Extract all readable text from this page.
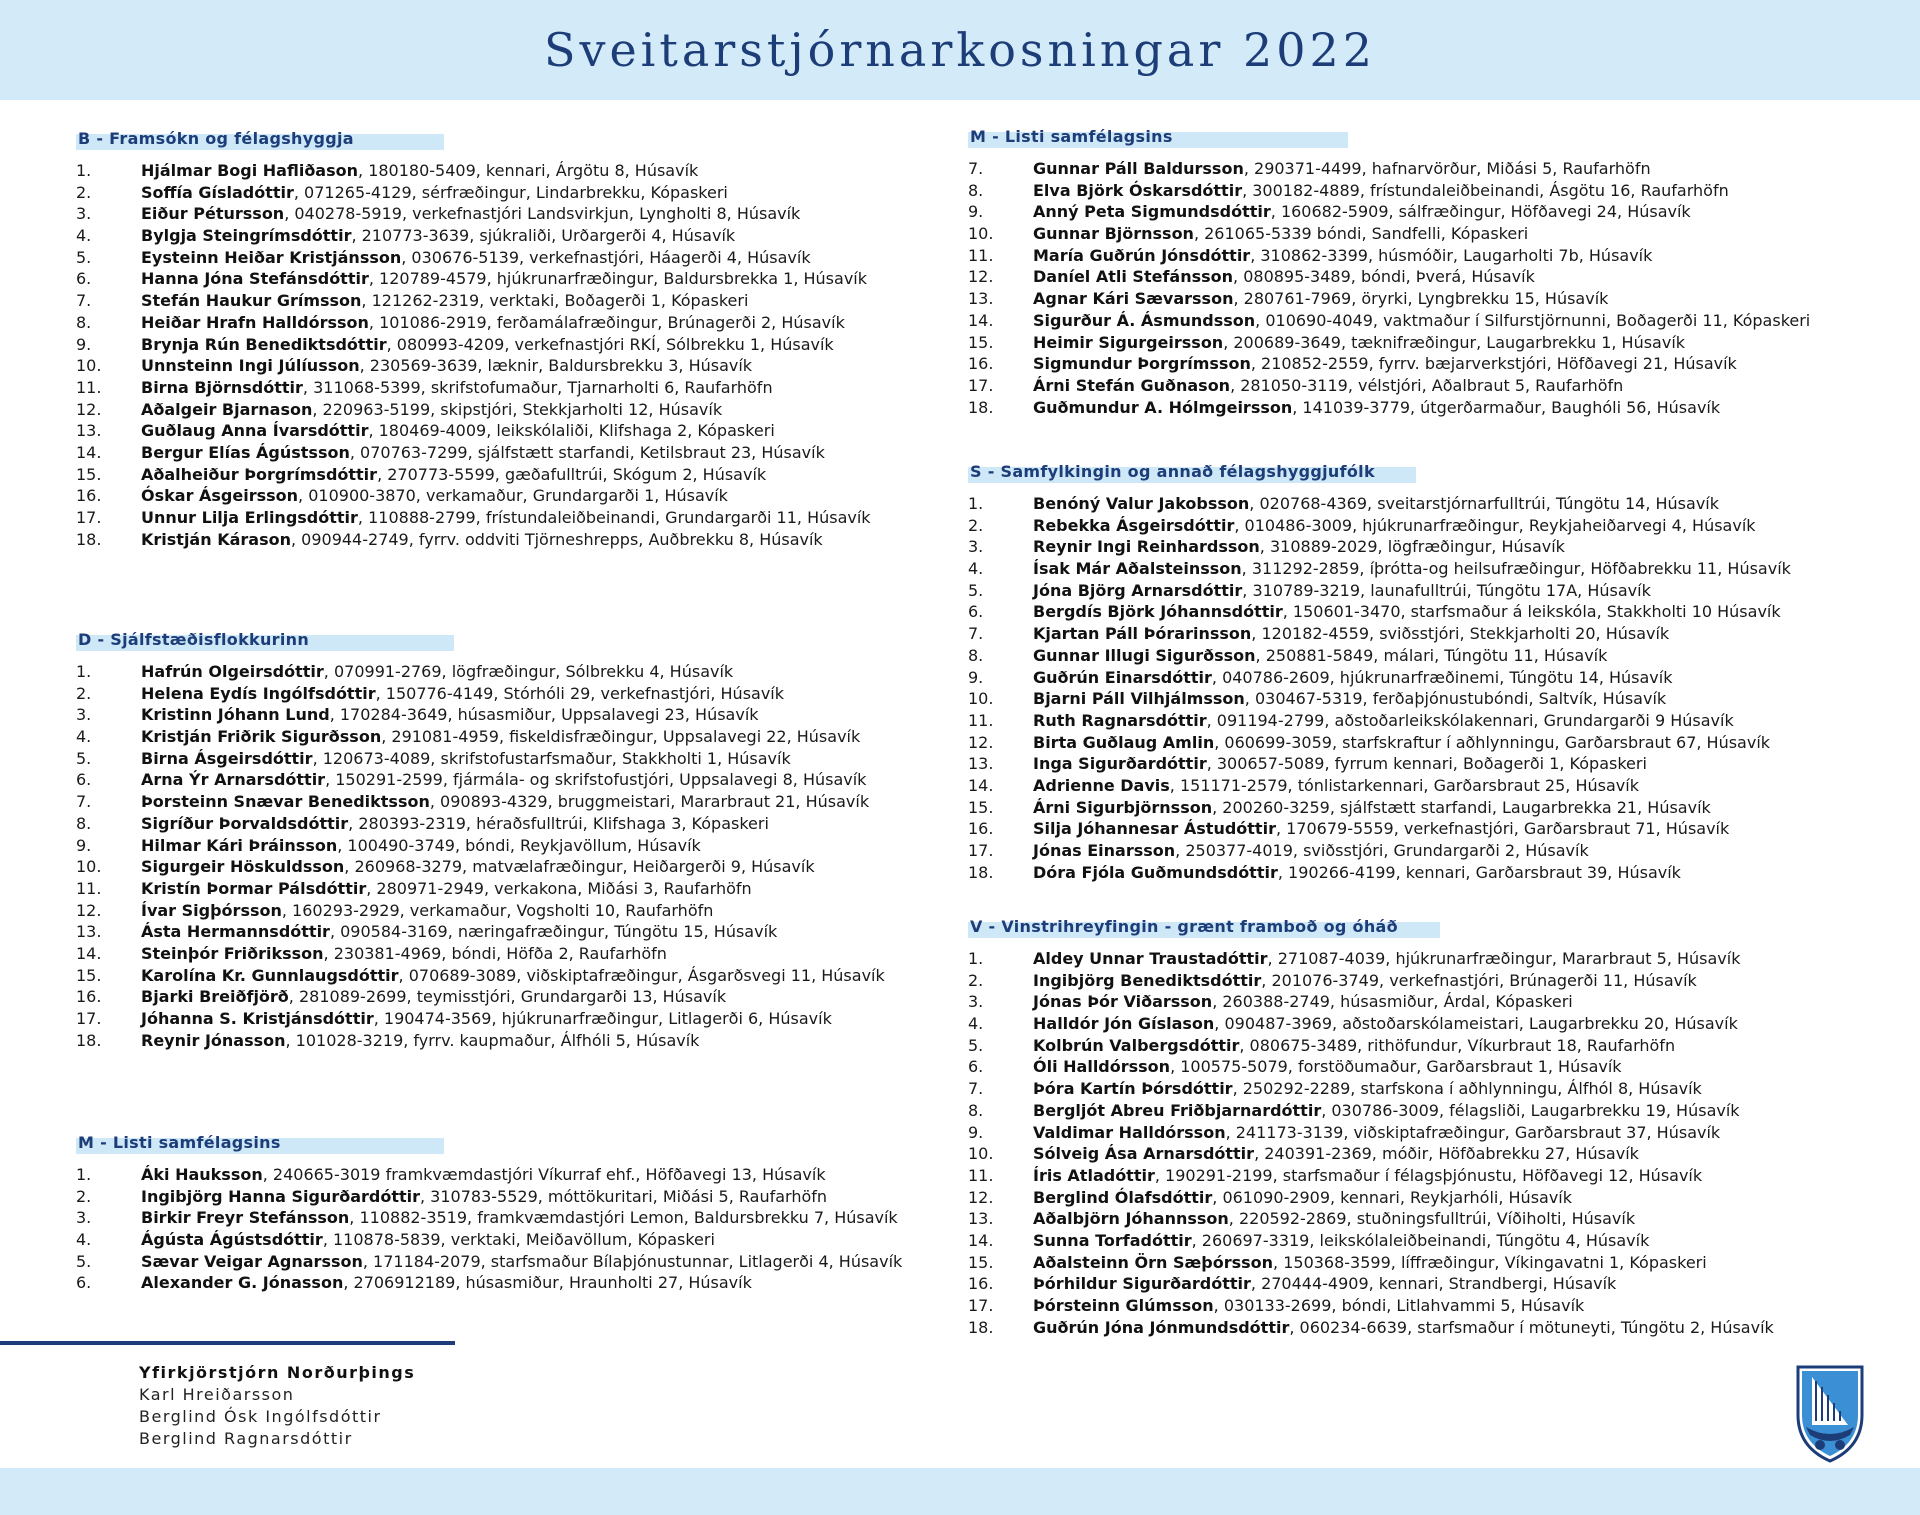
Sveitarstjórnarkosningar 2022
B - Framsókn og félagshyggja
1.	Hjálmar Bogi Hafliðason , 180180-5409, kennari, Árgötu 8, Húsavík
2.	Soffía Gísladóttir , 071265-4129, sérfræðingur, Lindarbrekku, Kópaskeri
3.	Eiður Pétursson , 040278-5919, verkefnastjóri Landsvirkjun, Lyngholti 8, Húsavík
4.	Bylgja Steingrímsdóttir , 210773-3639, sjúkraliði, Urðargerði 4, Húsavík
5.	Eysteinn Heiðar Kristjánsson , 030676-5139, verkefnastjóri, Háagerði 4, Húsavík
6.	Hanna Jóna Stefánsdóttir , 120789-4579, hjúkrunarfræðingur, Baldursbrekka 1, Húsavík
7.	Stefán Haukur Grímsson , 121262-2319, verktaki, Boðagerði 1, Kópaskeri
8.	Heiðar Hrafn Halldórsson , 101086-2919, ferðamálafræðingur, Brúnagerði 2, Húsavík
9.	Brynja Rún Benediktsdóttir , 080993-4209, verkefnastjóri RKÍ, Sólbrekku 1, Húsavík
10.	Unnsteinn Ingi Júlíusson , 230569-3639, læknir, Baldursbrekku 3, Húsavík
11.	Birna Björnsdóttir , 311068-5399, skrifstofumaður, Tjarnarholti 6, Raufarhöfn
12.	Aðalgeir Bjarnason , 220963-5199, skipstjóri, Stekkjarholti 12, Húsavík
13.	Guðlaug Anna Ívarsdóttir , 180469-4009, leikskólaliði, Klifshaga 2, Kópaskeri
14.	Bergur Elías Ágústsson , 070763-7299, sjálfstætt starfandi, Ketilsbraut 23, Húsavík
15.	Aðalheiður Þorgrímsdóttir , 270773-5599, gæðafulltrúi, Skógum 2, Húsavík
16.	Óskar Ásgeirsson , 010900-3870, verkamaður, Grundargarði 1, Húsavík
17.	Unnur Lilja Erlingsdóttir , 110888-2799, frístundaleiðbeinandi, Grundargarði 11, Húsavík
18.	Kristján Kárason , 090944-2749, fyrrv. oddviti Tjörneshrepps, Auðbrekku 8, Húsavík
D - Sjálfstæðisflokkurinn
1.	Hafrún Olgeirsdóttir , 070991-2769, lögfræðingur, Sólbrekku 4, Húsavík
2.	Helena Eydís Ingólfsdóttir , 150776-4149, Stórhóli 29, verkefnastjóri, Húsavík
3.	Kristinn Jóhann Lund , 170284-3649, húsasmiður, Uppsalavegi 23, Húsavík
4.	Kristján Friðrik Sigurðsson , 291081-4959, fiskeldisfræðingur, Uppsalavegi 22, Húsavík
5.	Birna Ásgeirsdóttir , 120673-4089, skrifstofustarfsmaður, Stakkholti 1, Húsavík
6.	Arna Ýr Arnarsdóttir , 150291-2599, fjármála- og skrifstofustjóri, Uppsalavegi 8, Húsavík
7.	Þorsteinn Snævar Benediktsson , 090893-4329, bruggmeistari, Mararbraut 21, Húsavík
8.	Sigríður Þorvaldsdóttir , 280393-2319, héraðsfulltrúi, Klifshaga 3, Kópaskeri
9.	Hilmar Kári Þráinsson , 100490-3749, bóndi, Reykjavöllum, Húsavík
10.	Sigurgeir Höskuldsson , 260968-3279, matvælafræðingur, Heiðargerði 9, Húsavík
11.	Kristín Þormar Pálsdóttir , 280971-2949, verkakona, Miðási 3, Raufarhöfn
12.	Ívar Sigþórsson , 160293-2929, verkamaður, Vogsholti 10, Raufarhöfn
13.	Ásta Hermannsdóttir , 090584-3169, næringafræðingur, Túngötu 15, Húsavík
14.	Steinþór Friðriksson , 230381-4969, bóndi, Höfða 2, Raufarhöfn
15.	Karolína Kr. Gunnlaugsdóttir , 070689-3089, viðskiptafræðingur, Ásgarðsvegi 11, Húsavík
16.	Bjarki Breiðfjörð , 281089-2699, teymisstjóri, Grundargarði 13, Húsavík
17.	Jóhanna S. Kristjánsdóttir , 190474-3569, hjúkrunarfræðingur, Litlagerði 6, Húsavík
18.	Reynir Jónasson , 101028-3219, fyrrv. kaupmaður, Álfhóli 5, Húsavík
M - Listi samfélagsins
1.	Áki Hauksson , 240665-3019 framkvæmdastjóri Víkurraf ehf., Höfðavegi 13, Húsavík
2.	Ingibjörg Hanna Sigurðardóttir , 310783-5529, móttökuritari, Miðási 5, Raufarhöfn
3.	Birkir Freyr Stefánsson , 110882-3519, framkvæmdastjóri Lemon, Baldursbrekku 7, Húsavík
4.	Ágústa Ágústsdóttir , 110878-5839, verktaki, Meiðavöllum, Kópaskeri
5.	Sævar Veigar Agnarsson , 171184-2079, starfsmaður Bílaþjónustunnar, Litlagerði 4, Húsavík
6.	Alexander G. Jónasson , 2706912189, húsasmiður, Hraunholti 27, Húsavík
M - Listi samfélagsins
7.	Gunnar Páll Baldursson , 290371-4499, hafnarvörður, Miðási 5, Raufarhöfn
8.	Elva Björk Óskarsdóttir , 300182-4889, frístundaleiðbeinandi, Ásgötu 16, Raufarhöfn
9.	Anný Peta Sigmundsdóttir , 160682-5909, sálfræðingur, Höfðavegi 24, Húsavík
10.	Gunnar Björnsson , 261065-5339 bóndi, Sandfelli, Kópaskeri
11.	María Guðrún Jónsdóttir , 310862-3399, húsmóðir, Laugarholti 7b, Húsavík
12.	Daníel Atli Stefánsson , 080895-3489, bóndi, Þverá, Húsavík
13.	Agnar Kári Sævarsson , 280761-7969, öryrki, Lyngbrekku 15, Húsavík
14.	Sigurður Á. Ásmundsson , 010690-4049, vaktmaður í Silfurstjörnunni, Boðagerði 11, Kópaskeri
15.	Heimir Sigurgeirsson , 200689-3649, tæknifræðingur, Laugarbrekku 1, Húsavík
16.	Sigmundur Þorgrímsson , 210852-2559, fyrrv. bæjarverkstjóri, Höfðavegi 21, Húsavík
17.	Árni Stefán Guðnason , 281050-3119, vélstjóri, Aðalbraut 5, Raufarhöfn
18.	Guðmundur A. Hólmgeirsson , 141039-3779, útgerðarmaður, Baughóli 56, Húsavík
S - Samfylkingin og annað félagshyggjufólk
1.	Benóný Valur Jakobsson , 020768-4369, sveitarstjórnarfulltrúi, Túngötu 14, Húsavík
2.	Rebekka Ásgeirsdóttir , 010486-3009, hjúkrunarfræðingur, Reykjaheiðarvegi 4, Húsavík
3.	Reynir Ingi Reinhardsson , 310889-2029, lögfræðingur, Húsavík
4.	Ísak Már Aðalsteinsson , 311292-2859, íþrótta-og heilsufræðingur, Höfðabrekku 11, Húsavík
5.	Jóna Björg Arnarsdóttir , 310789-3219, launafulltrúi, Túngötu 17A, Húsavík
6.	Bergdís Björk Jóhannsdóttir , 150601-3470, starfsmaður á leikskóla, Stakkholti 10 Húsavík
7.	Kjartan Páll Þórarinsson , 120182-4559, sviðsstjóri, Stekkjarholti 20, Húsavík
8.	Gunnar Illugi Sigurðsson , 250881-5849, málari, Túngötu 11, Húsavík
9.	Guðrún Einarsdóttir , 040786-2609, hjúkrunarfræðinemi, Túngötu 14, Húsavík
10.	Bjarni Páll Vilhjálmsson , 030467-5319, ferðaþjónustubóndi, Saltvík, Húsavík
11.	Ruth Ragnarsdóttir , 091194-2799, aðstoðarleikskólakennari, Grundargarði 9 Húsavík
12.	Birta Guðlaug Amlin , 060699-3059, starfskraftur í aðhlynningu, Garðarsbraut 67, Húsavík
13.	Inga Sigurðardóttir , 300657-5089, fyrrum kennari, Boðagerði 1, Kópaskeri
14.	Adrienne Davis , 151171-2579, tónlistarkennari, Garðarsbraut 25, Húsavík
15.	Árni Sigurbjörnsson , 200260-3259, sjálfstætt starfandi, Laugarbrekka 21, Húsavík
16.	Silja Jóhannesar Ástudóttir , 170679-5559, verkefnastjóri, Garðarsbraut 71, Húsavík
17.	Jónas Einarsson , 250377-4019, sviðsstjóri, Grundargarði 2, Húsavík
18.	Dóra Fjóla Guðmundsdóttir , 190266-4199, kennari, Garðarsbraut 39, Húsavík
V - Vinstrihreyfingin - grænt framboð og óháð
1.	Aldey Unnar Traustadóttir , 271087-4039, hjúkrunarfræðingur, Mararbraut 5, Húsavík
2.	Ingibjörg Benediktsdóttir , 201076-3749, verkefnastjóri, Brúnagerði 11, Húsavík
3.	Jónas Þór Viðarsson , 260388-2749, húsasmiður, Árdal, Kópaskeri
4.	Halldór Jón Gíslason , 090487-3969, aðstoðarskólameistari, Laugarbrekku 20, Húsavík
5.	Kolbrún Valbergsdóttir , 080675-3489, rithöfundur, Víkurbraut 18, Raufarhöfn
6.	Óli Halldórsson , 100575-5079, forstöðumaður, Garðarsbraut 1, Húsavík
7.	Þóra Kartín Þórsdóttir , 250292-2289, starfskona í aðhlynningu, Álfhól 8, Húsavík
8.	Bergljót Abreu Friðbjarnardóttir , 030786-3009, félagsliði, Laugarbrekku 19, Húsavík
9.	Valdimar Halldórsson , 241173-3139, viðskiptafræðingur, Garðarsbraut 37, Húsavík
10.	Sólveig Ása Arnarsdóttir , 240391-2369, móðir, Höfðabrekku 27, Húsavík
11.	Íris Atladóttir , 190291-2199, starfsmaður í félagsþjónustu, Höfðavegi 12, Húsavík
12.	Berglind Ólafsdóttir , 061090-2909, kennari, Reykjarhóli, Húsavík
13.	Aðalbjörn Jóhannsson , 220592-2869, stuðningsfulltrúi, Víðiholti, Húsavík
14.	Sunna Torfadóttir , 260697-3319, leikskólaleiðbeinandi, Túngötu 4, Húsavík
15.	Aðalsteinn Örn Sæþórsson , 150368-3599, líffræðingur, Víkingavatni 1, Kópaskeri
16.	Þórhildur Sigurðardóttir , 270444-4909, kennari, Strandbergi, Húsavík
17.	Þórsteinn Glúmsson , 030133-2699, bóndi, Litlahvammi 5, Húsavík
18.	Guðrún Jóna Jónmundsdóttir , 060234-6639, starfsmaður í mötuneyti, Túngötu 2, Húsavík
Yfirkjörstjórn Norðurþings
Karl Hreiðarsson
Berglind Ósk Ingólfsdóttir
Berglind Ragnarsdóttir
